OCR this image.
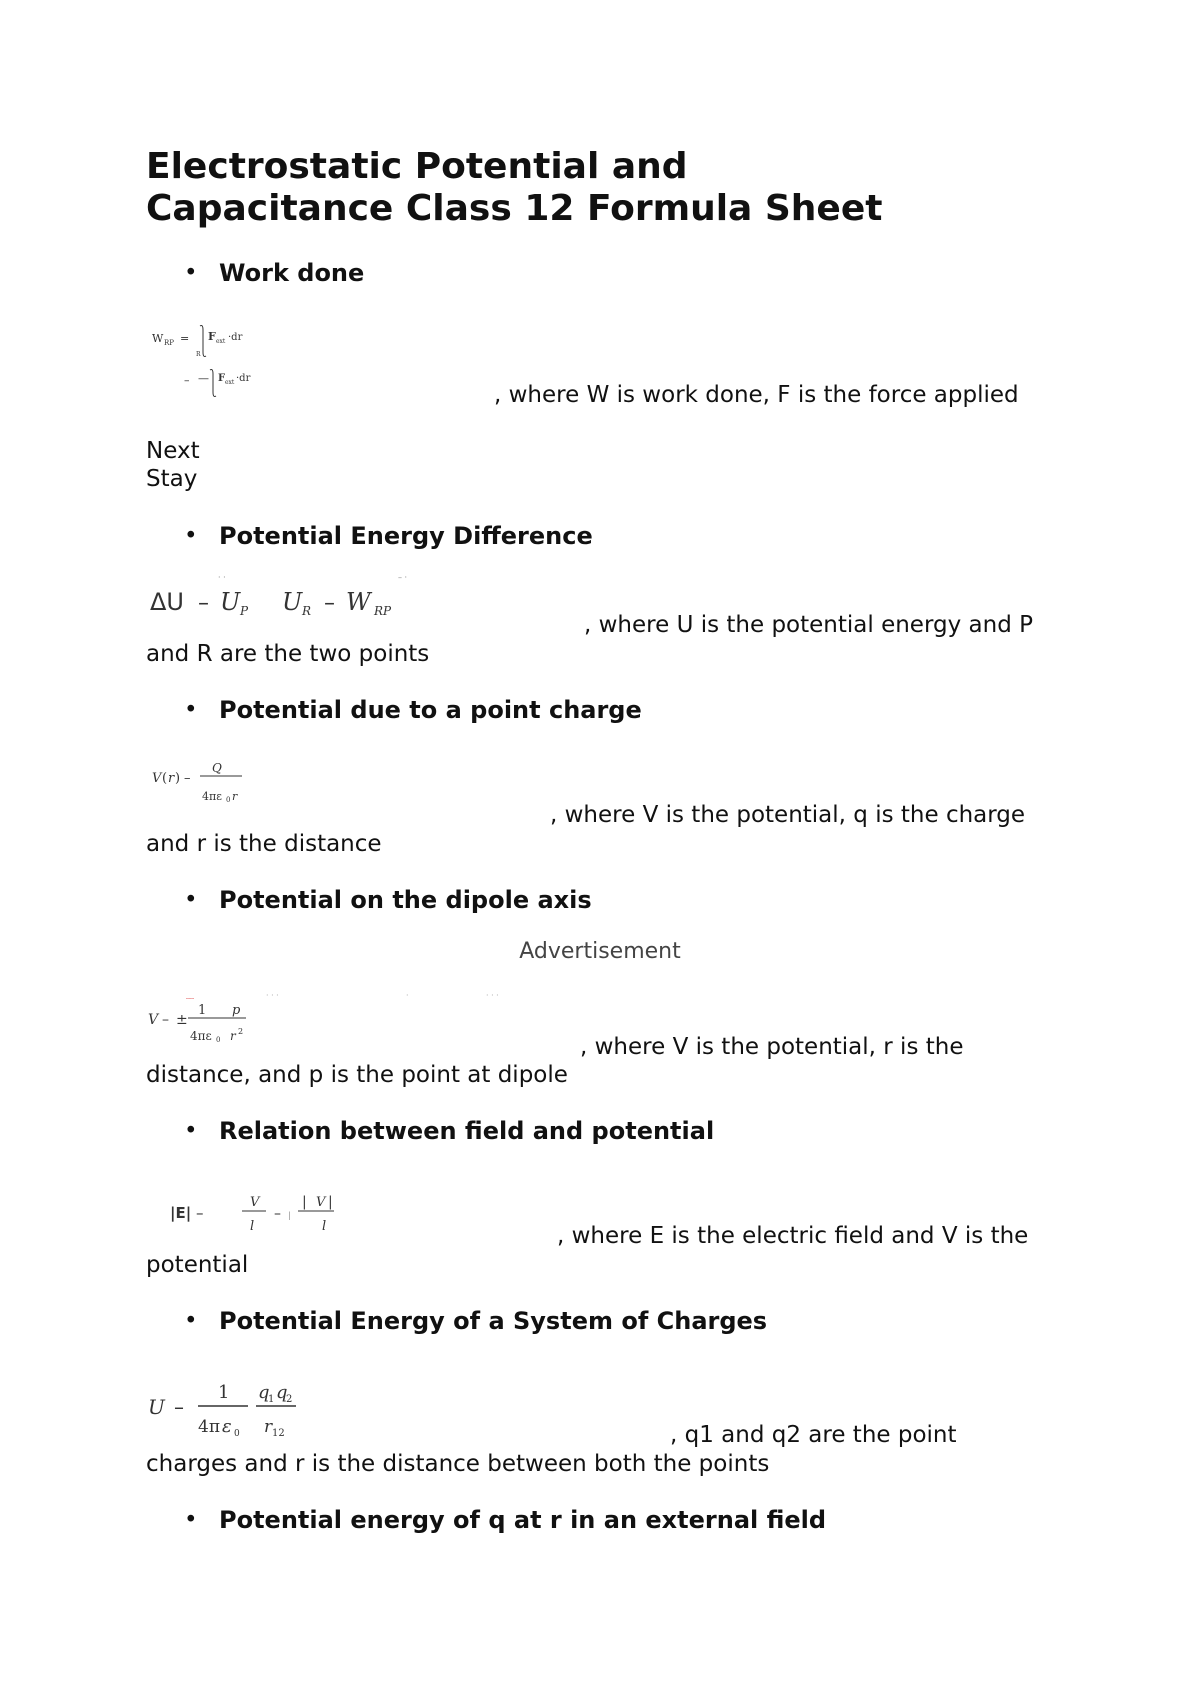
Electrostatic Potential and
Capacitance Class 12 Formula Sheet
• Work done
W RP = F ext ·dr
R
– — F ext ·dr
, where W is work done, F is the force applied
Next
Stay
• Potential Energy Difference
ΔU – U P U R – W RP
· ·	– ·
, where U is the potential energy and P
and R are the two points
• Potential due to a point charge
V ( r ) –
Q
4πε 0 r
, where V is the potential, q is the charge
and r is the distance
• Potential on the dipole axis
Advertisement
﹏	· · ·	·	· · ·
V – ±
1 p
4πε 0 r 2
, where V is the potential, r is the
distance, and p is the point at dipole
• Relation between field and potential
|E| –
V
l
– |
| V |
l	, where E is the electric field and V is the
potential
• Potential Energy of a System of Charges
U –
1
4π ε 0
q
1 q
2
r 12	, q1 and q2 are the point
charges and r is the distance between both the points
• Potential energy of q at r in an external field
